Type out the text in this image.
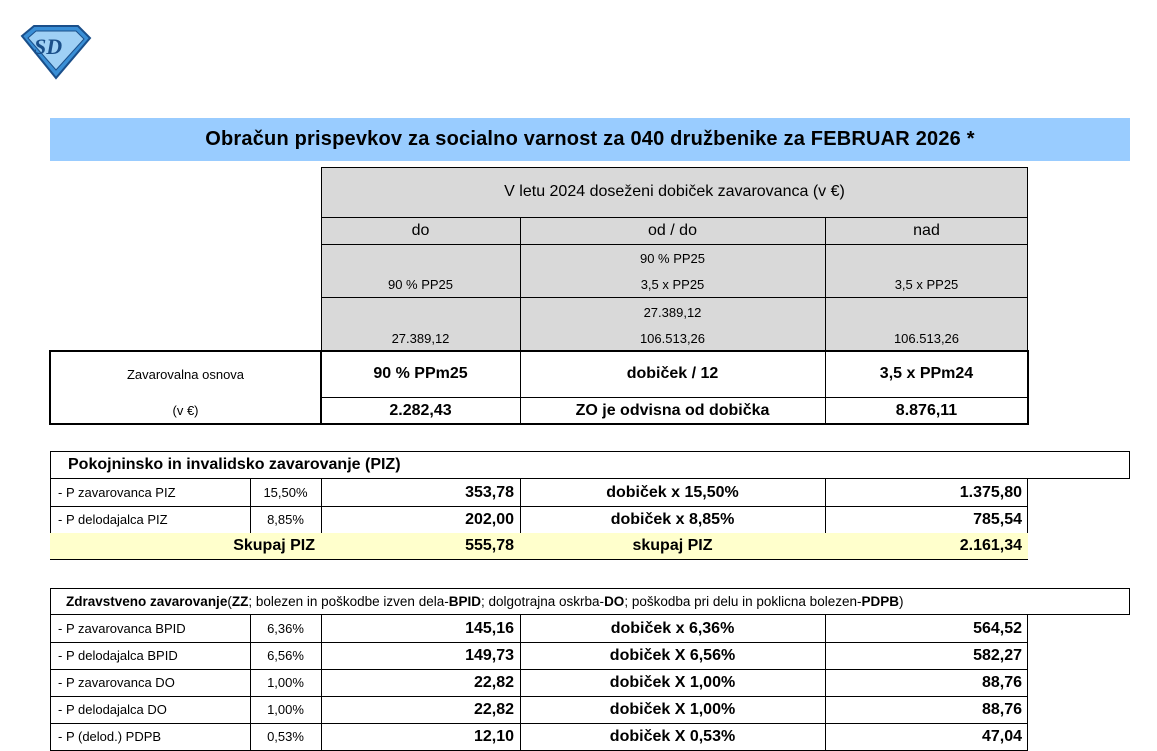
SD
Obračun prispevkov za socialno varnost za 040 družbenike za FEBRUAR 2026 *
V letu 2024 doseženi dobiček zavarovanca (v €)
do	od / do	nad
90 % PP25
90 % PP25	3,5 x PP25	3,5 x PP25
27.389,12
27.389,12	106.513,26	106.513,26
Zavarovalna osnova
(v €)
90 % PPm25	dobiček / 12	3,5 x PPm24
2.282,43	ZO je odvisna od dobička	8.876,11
Pokojninsko in invalidsko zavarovanje (PIZ)
- P zavarovanca PIZ	15,50%	353,78	dobiček x 15,50%	1.375,80
- P delodajalca PIZ	8,85%	202,00	dobiček x 8,85%	785,54
Skupaj PIZ	555,78	skupaj PIZ	2.161,34
Zdravstveno zavarovanje ( ZZ ; bolezen in poškodbe izven dela- BPID ; dolgotrajna oskrba- DO ; poškodba pri delu in poklicna bolezen- PDPB )
- P zavarovanca BPID	6,36%	145,16	dobiček x 6,36%	564,52
- P delodajalca BPID	6,56%	149,73	dobiček X 6,56%	582,27
- P zavarovanca DO	1,00%	22,82	dobiček X 1,00%	88,76
- P delodajalca DO	1,00%	22,82	dobiček X 1,00%	88,76
- P (delod.) PDPB	0,53%	12,10	dobiček X 0,53%	47,04
